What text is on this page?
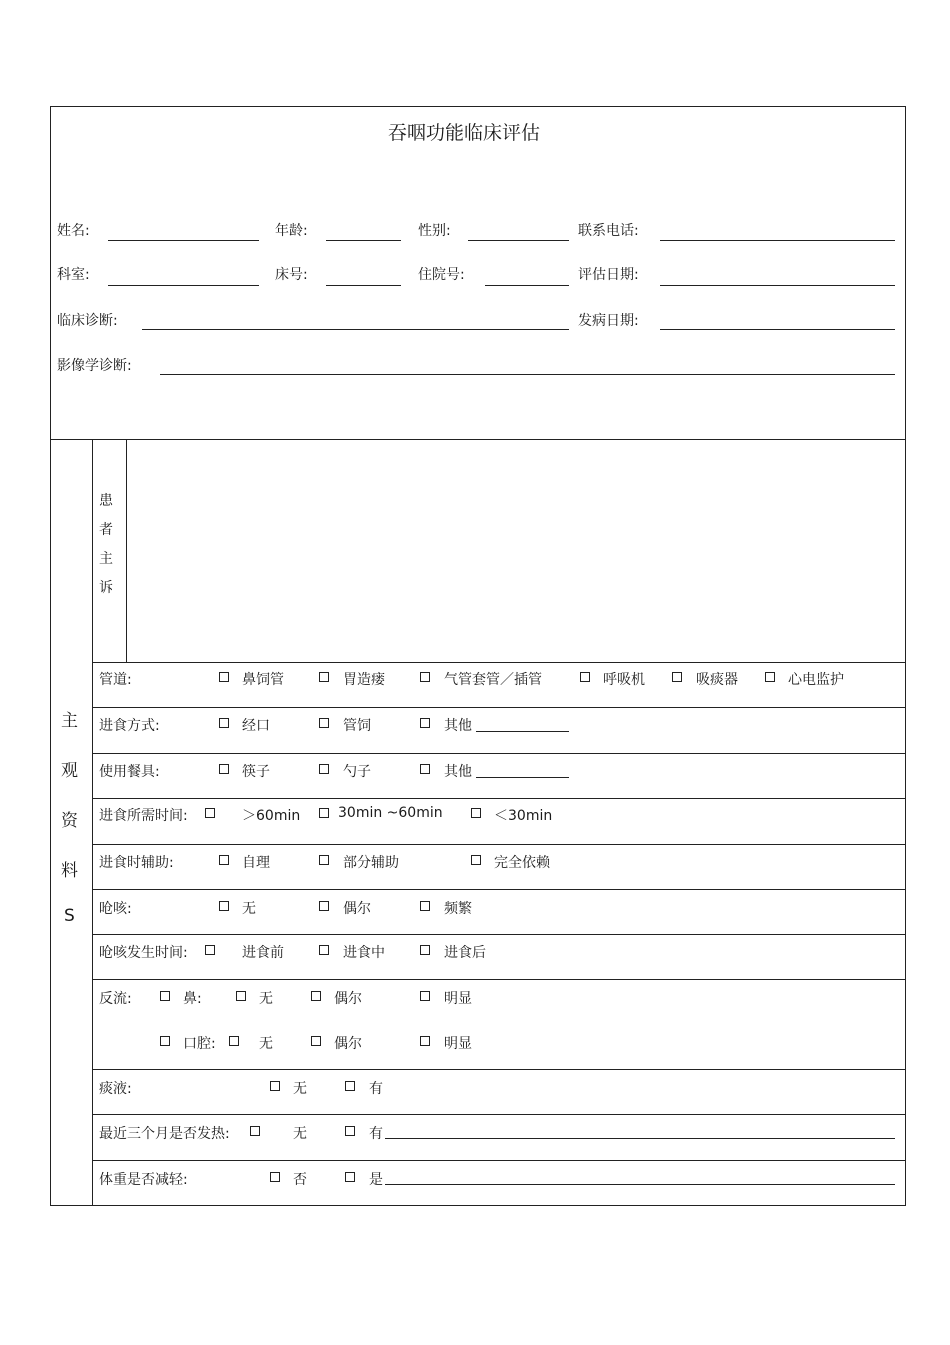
吞咽功能临床评估
姓名:	年龄:	性别:	联系电话:
科室:	床号:	住院号:	评估日期:
临床诊断:	发病日期:
影像学诊断:
主
观
资
料
S
患
者
主
诉
管道:	鼻饲管	胃造瘘	气管套管／插管	呼吸机	吸痰器	心电监护
进食方式:	经口	管饲	其他
使用餐具:	筷子	勺子	其他
进食所需时间:	＞60min	30min ~60min	＜30min
进食时辅助:	自理	部分辅助	完全依赖
呛咳:	无	偶尔	频繁
呛咳发生时间:	进食前	进食中	进食后
反流:	鼻:	无	偶尔	明显
口腔:	无	偶尔	明显
痰液:	无	有
最近三个月是否发热:	无	有
体重是否减轻:	否	是
